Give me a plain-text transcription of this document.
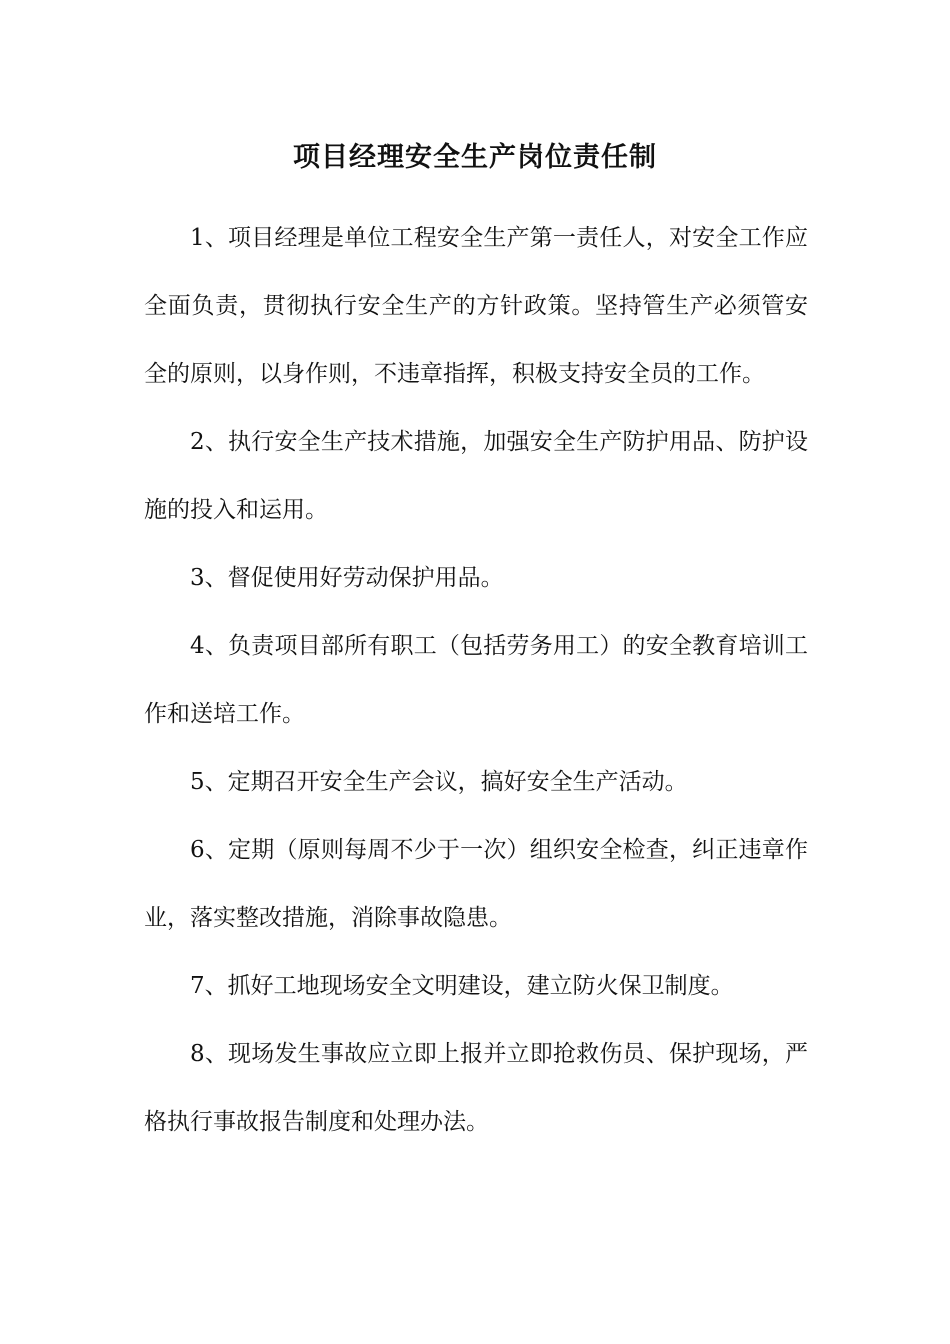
项目经理安全生产岗位责任制

1、项目经理是单位工程安全生产第一责任人，对安全工作应全面负责，贯彻执行安全生产的方针政策。坚持管生产必须管安全的原则，以身作则，不违章指挥，积极支持安全员的工作。

2、执行安全生产技术措施，加强安全生产防护用品、防护设施的投入和运用。

3、督促使用好劳动保护用品。

4、负责项目部所有职工（包括劳务用工）的安全教育培训工作和送培工作。

5、定期召开安全生产会议，搞好安全生产活动。

6、定期（原则每周不少于一次）组织安全检查，纠正违章作业，落实整改措施，消除事故隐患。

7、抓好工地现场安全文明建设，建立防火保卫制度。

8、现场发生事故应立即上报并立即抢救伤员、保护现场，严格执行事故报告制度和处理办法。
